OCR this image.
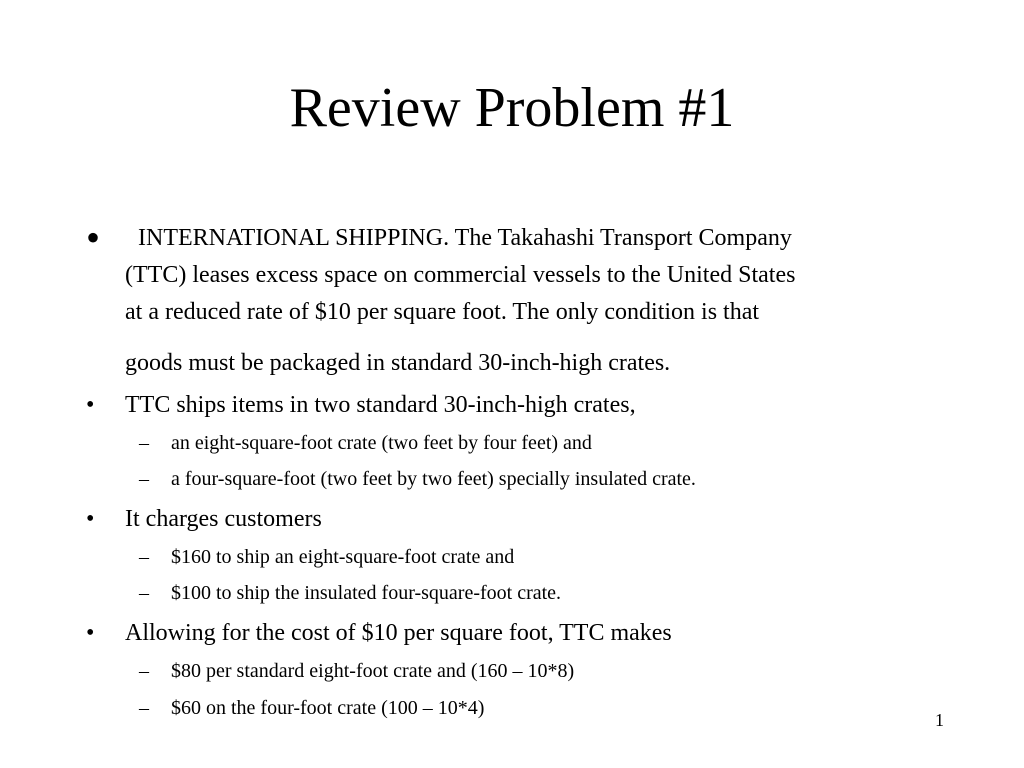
Review Problem #1
•	INTERNATIONAL SHIPPING. The Takahashi Transport Company
(TTC) leases excess space on commercial vessels to the United States
at a reduced rate of $10 per square foot. The only condition is that
goods must be packaged in standard 30-inch-high crates.
•	TTC ships items in two standard 30-inch-high crates,
– an eight-square-foot crate (two feet by four feet) and
– a four-square-foot (two feet by two feet) specially insulated crate.
•	It charges customers
– $160 to ship an eight-square-foot crate and
– $100 to ship the insulated four-square-foot crate.
•	Allowing for the cost of $10 per square foot, TTC makes
– $80 per standard eight-foot crate and (160 – 10*8)
– $60 on the four-foot crate (100 – 10*4)
1
